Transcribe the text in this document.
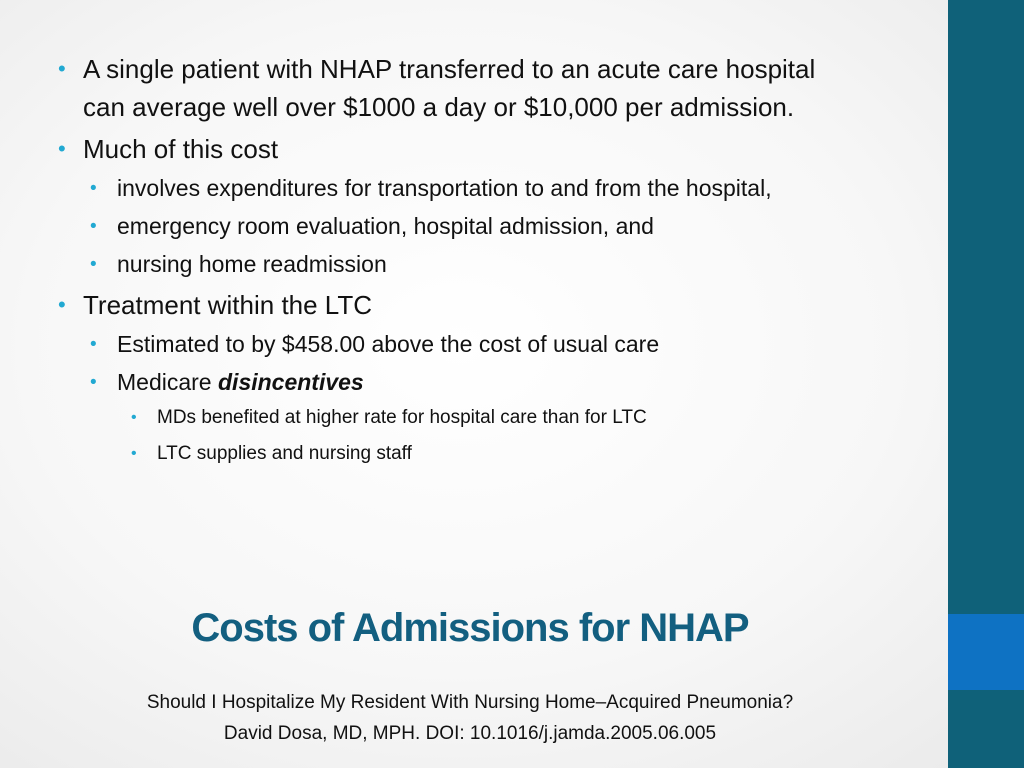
• A single patient with NHAP transferred to an acute care hospital can average well over $1000 a day or $10,000 per admission.

• Much of this cost

• involves expenditures for transportation to and from the hospital,

• emergency room evaluation, hospital admission, and

• nursing home readmission

• Treatment within the LTC

• Estimated to by $458.00 above the cost of usual care

• Medicare disincentives

• MDs benefited at higher rate for hospital care than for LTC

• LTC supplies and nursing staff

Costs of Admissions for NHAP
Should I Hospitalize My Resident With Nursing Home–Acquired Pneumonia?
David Dosa, MD, MPH. DOI: 10.1016/j.jamda.2005.06.005
